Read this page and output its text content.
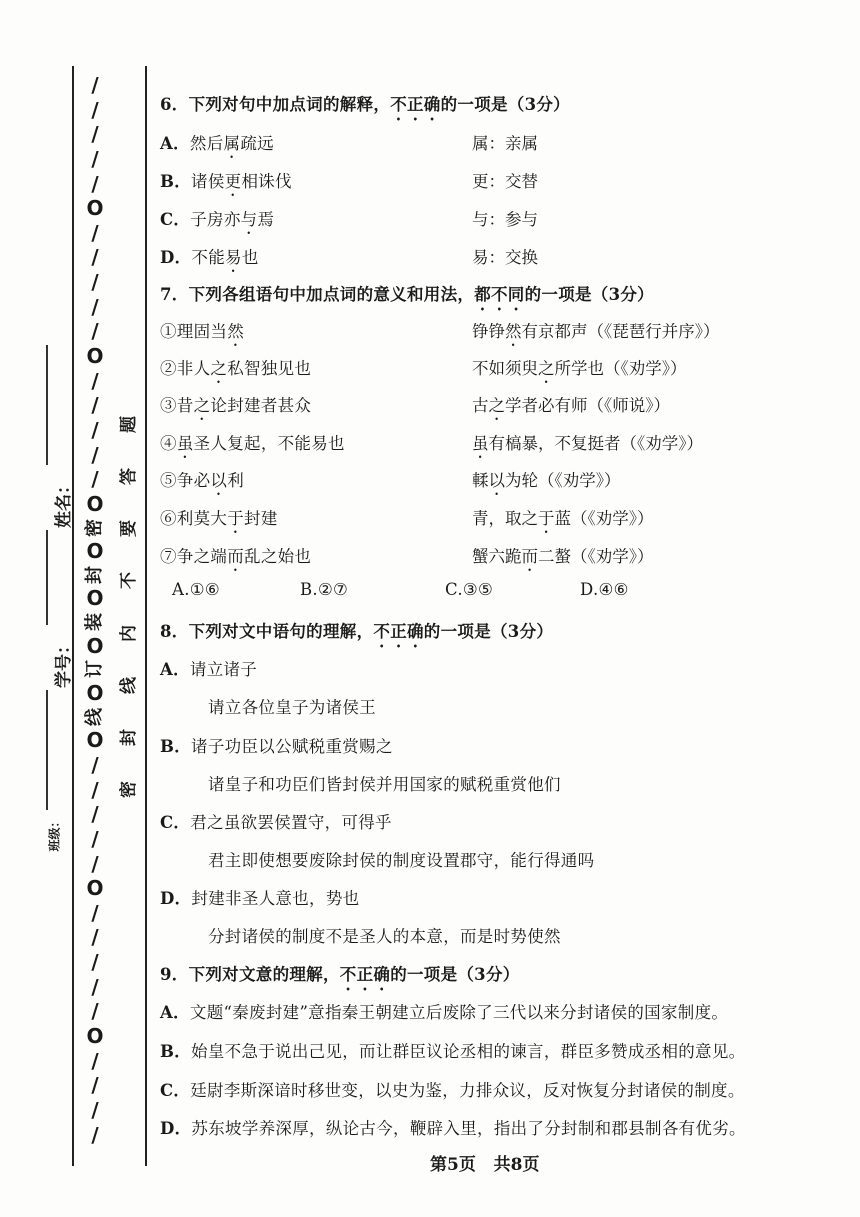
/
/
/
/
/
O
/
/
/
/
/
O
/
/
/
/
/
O
密
O
封
O
装
O
订
O
线
O
/
/
/
/
/
O
/
/
/
/
/
O
/
/
/
/
题
答
要
不
内
线
封
密
姓名：
学号：
班级：
6．下列对句中加点词的解释，不正确的一项是（3分）
A．然后属疏远	属：亲属
B．诸侯更相诛伐	更：交替
C．子房亦与焉	与：参与
D．不能易也	易：交换
7．下列各组语句中加点词的意义和用法，都不同的一项是（3分）
①理固当然	铮铮然有京都声（《琵琶行并序》）
②非人之私智独见也	不如须臾之所学也（《劝学》）
③昔之论封建者甚众	古之学者必有师（《师说》）
④虽圣人复起，不能易也	虽有槁暴，不复挺者（《劝学》）
⑤争必以利	輮以为轮（《劝学》）
⑥利莫大于封建	青，取之于蓝（《劝学》）
⑦争之端而乱之始也	蟹六跪而二螯（《劝学》）
A.①⑥	B.②⑦	C.③⑤	D.④⑥
8．下列对文中语句的理解，不正确的一项是（3分）
A．请立诸子
请立各位皇子为诸侯王
B．诸子功臣以公赋税重赏赐之
诸皇子和功臣们皆封侯并用国家的赋税重赏他们
C．君之虽欲罢侯置守，可得乎
君主即使想要废除封侯的制度设置郡守，能行得通吗
D．封建非圣人意也，势也
分封诸侯的制度不是圣人的本意，而是时势使然
9．下列对文意的理解，不正确的一项是（3分）
A．文题“秦废封建”意指秦王朝建立后废除了三代以来分封诸侯的国家制度。
B．始皇不急于说出己见，而让群臣议论丞相的谏言，群臣多赞成丞相的意见。
C．廷尉李斯深谙时移世变，以史为鉴，力排众议，反对恢复分封诸侯的制度。
D．苏东坡学养深厚，纵论古今，鞭辟入里，指出了分封制和郡县制各有优劣。
第5页 共8页
